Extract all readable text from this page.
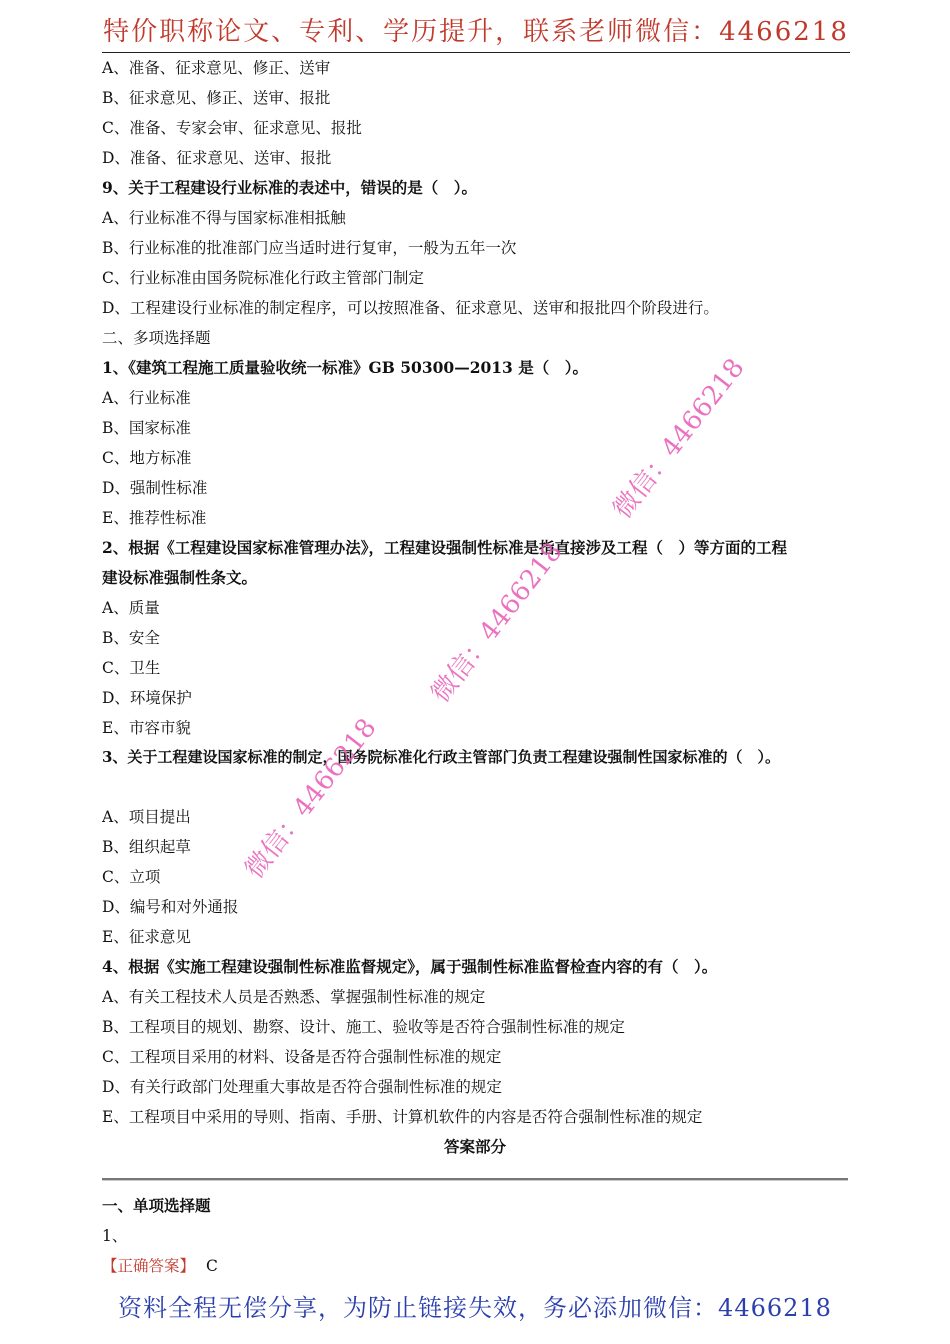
特价职称论文、专利、学历提升，联系老师微信：4466218
A、准备、征求意见、修正、送审
B、征求意见、修正、送审、报批
C、准备、专家会审、征求意见、报批
D、准备、征求意见、送审、报批
9、关于工程建设行业标准的表述中，错误的是（　）。
A、行业标准不得与国家标准相抵触
B、行业标准的批准部门应当适时进行复审，一般为五年一次
C、行业标准由国务院标准化行政主管部门制定
D、工程建设行业标准的制定程序，可以按照准备、征求意见、送审和报批四个阶段进行。
二、多项选择题
1、《建筑工程施工质量验收统一标准》GB 50300—2013 是（　）。
A、行业标准
B、国家标准
C、地方标准
D、强制性标准
E、推荐性标准
2、根据《工程建设国家标准管理办法》，工程建设强制性标准是指直接涉及工程（　）等方面的工程
建设标准强制性条文。
A、质量
B、安全
C、卫生
D、环境保护
E、市容市貌
3、关于工程建设国家标准的制定，国务院标准化行政主管部门负责工程建设强制性国家标准的（　）。
A、项目提出
B、组织起草
C、立项
D、编号和对外通报
E、征求意见
4、根据《实施工程建设强制性标准监督规定》，属于强制性标准监督检查内容的有（　）。
A、有关工程技术人员是否熟悉、掌握强制性标准的规定
B、工程项目的规划、勘察、设计、施工、验收等是否符合强制性标准的规定
C、工程项目采用的材料、设备是否符合强制性标准的规定
D、有关行政部门处理重大事故是否符合强制性标准的规定
E、工程项目中采用的导则、指南、手册、计算机软件的内容是否符合强制性标准的规定
答案部分
一、单项选择题
1、
【正确答案】 C
资料全程无偿分享，为防止链接失效，务必添加微信：4466218
微信：4466218
微信：4466218
微信：4466218
